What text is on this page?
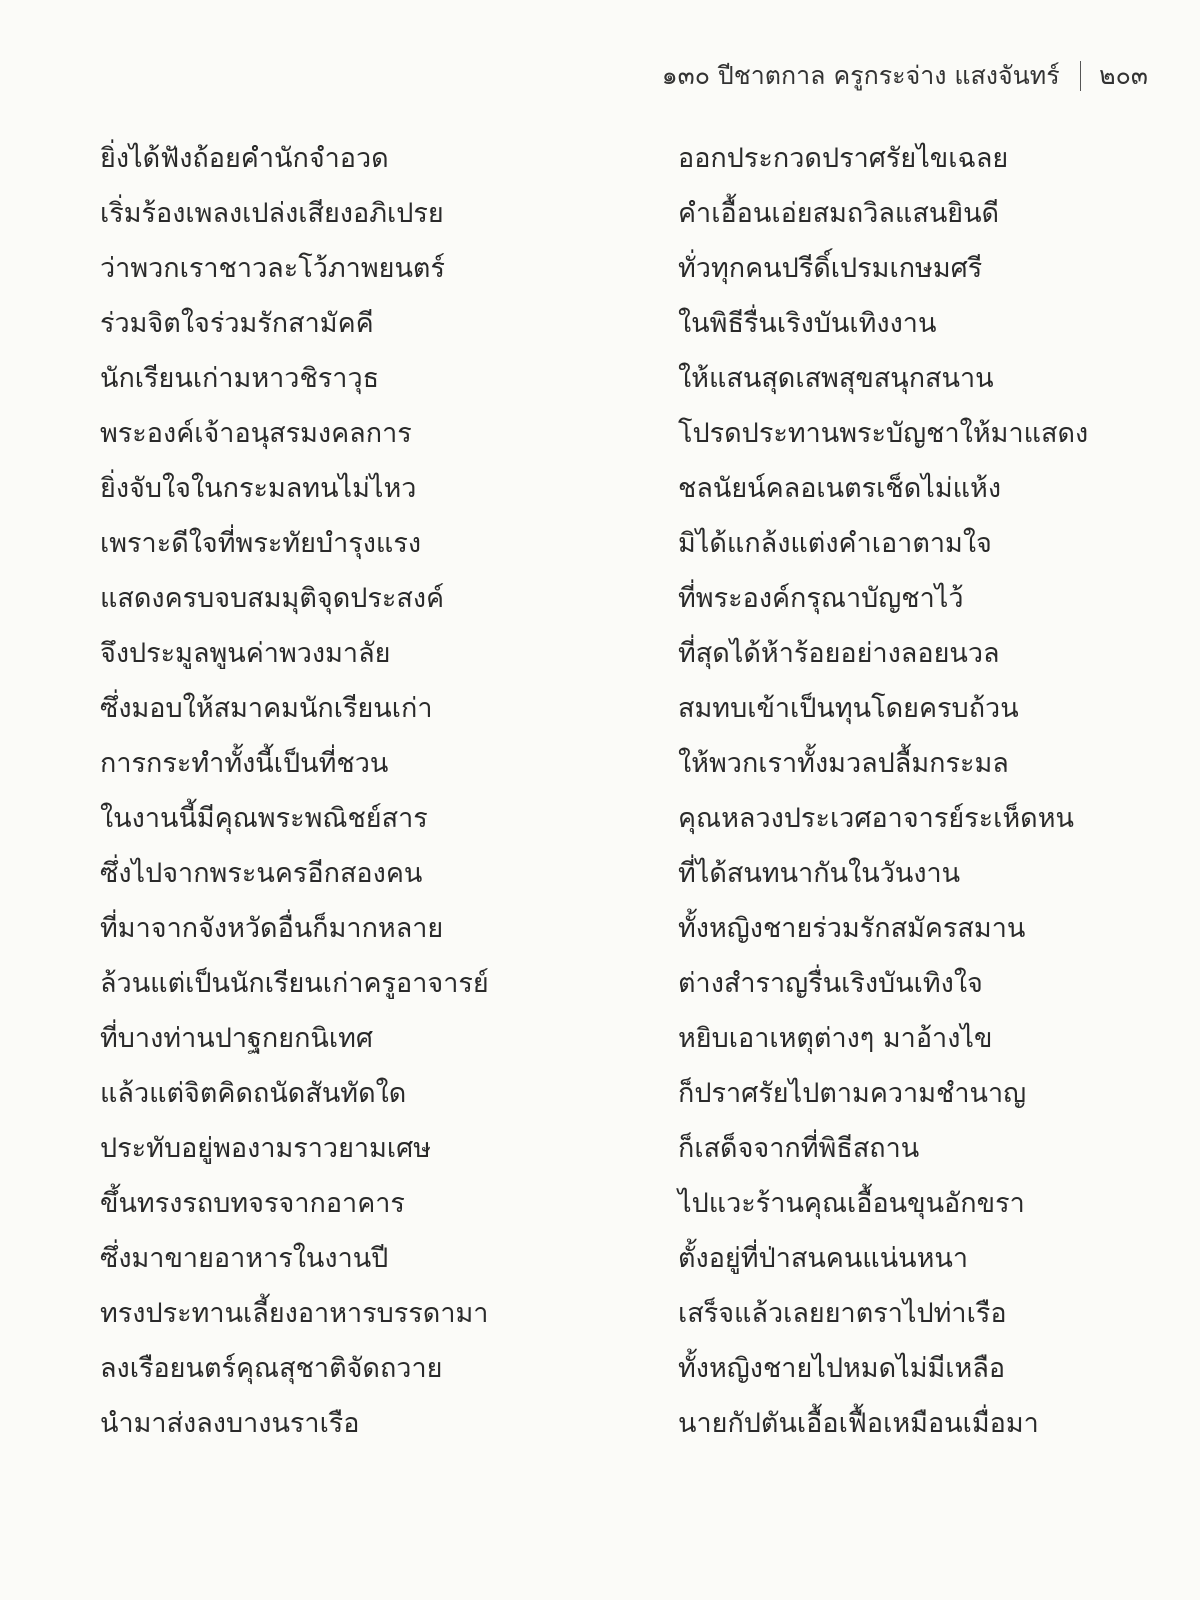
๑๓๐ ปีชาตกาล ครูกระจ่าง แสงจันทร์ ๒๐๓
ยิ่งได้ฟังถ้อยคำนักจำอวด	ออกประกวดปราศรัยไขเฉลย
เริ่มร้องเพลงเปล่งเสียงอภิเปรย	คำเอื้อนเอ่ยสมถวิลแสนยินดี
ว่าพวกเราชาวละโว้ภาพยนตร์	ทั่วทุกคนปรีดิ์เปรมเกษมศรี
ร่วมจิตใจร่วมรักสามัคคี	ในพิธีรื่นเริงบันเทิงงาน
นักเรียนเก่ามหาวชิราวุธ	ให้แสนสุดเสพสุขสนุกสนาน
พระองค์เจ้าอนุสรมงคลการ	โปรดประทานพระบัญชาให้มาแสดง
ยิ่งจับใจในกระมลทนไม่ไหว	ชลนัยน์คลอเนตรเช็ดไม่แห้ง
เพราะดีใจที่พระทัยบำรุงแรง	มิได้แกล้งแต่งคำเอาตามใจ
แสดงครบจบสมมุติจุดประสงค์	ที่พระองค์กรุณาบัญชาไว้
จึงประมูลพูนค่าพวงมาลัย	ที่สุดได้ห้าร้อยอย่างลอยนวล
ซึ่งมอบให้สมาคมนักเรียนเก่า	สมทบเข้าเป็นทุนโดยครบถ้วน
การกระทำทั้งนี้เป็นที่ชวน	ให้พวกเราทั้งมวลปลื้มกระมล
ในงานนี้มีคุณพระพณิชย์สาร	คุณหลวงประเวศอาจารย์ระเห็ดหน
ซึ่งไปจากพระนครอีกสองคน	ที่ได้สนทนากันในวันงาน
ที่มาจากจังหวัดอื่นก็มากหลาย	ทั้งหญิงชายร่วมรักสมัครสมาน
ล้วนแต่เป็นนักเรียนเก่าครูอาจารย์	ต่างสำราญรื่นเริงบันเทิงใจ
ที่บางท่านปาฐกยกนิเทศ	หยิบเอาเหตุต่างๆ มาอ้างไข
แล้วแต่จิตคิดถนัดสันทัดใด	ก็ปราศรัยไปตามความชำนาญ
ประทับอยู่พองามราวยามเศษ	ก็เสด็จจากที่พิธีสถาน
ขึ้นทรงรถบทจรจากอาคาร	ไปแวะร้านคุณเอื้อนขุนอักขรา
ซึ่งมาขายอาหารในงานปี	ตั้งอยู่ที่ป่าสนคนแน่นหนา
ทรงประทานเลี้ยงอาหารบรรดามา	เสร็จแล้วเลยยาตราไปท่าเรือ
ลงเรือยนตร์คุณสุชาติจัดถวาย	ทั้งหญิงชายไปหมดไม่มีเหลือ
นำมาส่งลงบางนราเรือ	นายกัปตันเอื้อเฟื้อเหมือนเมื่อมา
